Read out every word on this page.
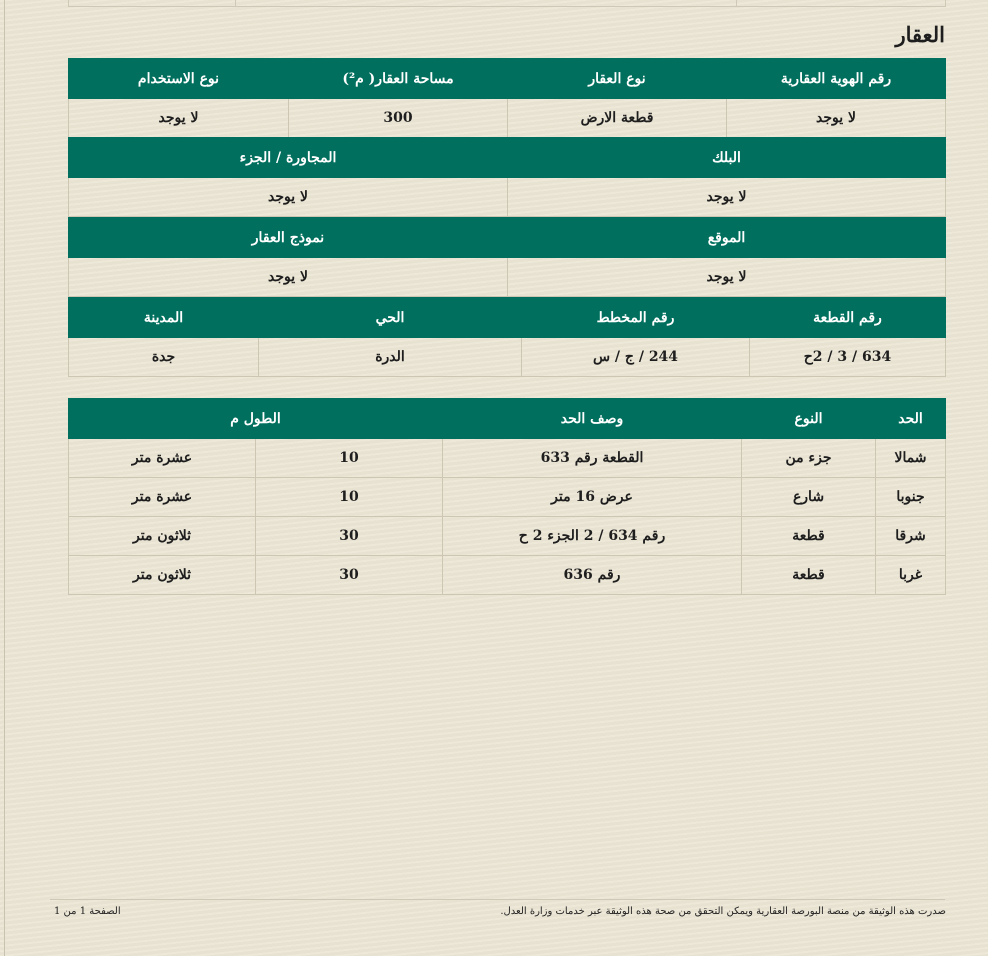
العقار
رقم الهوية العقارية	نوع العقار	مساحة العقار( م²)	نوع الاستخدام
لا يوجد	قطعة الارض	300	لا يوجد
البلك	المجاورة / الجزء
لا يوجد	لا يوجد
الموقع	نموذج العقار
لا يوجد	لا يوجد
رقم القطعة	رقم المخطط	الحي	المدينة
634 / 3 / 2ح	244 / ج / س	الدرة	جدة
الحد	النوع	وصف الحد	الطول م	
شمالا	جزء من	القطعة رقم 633	10	عشرة متر
جنوبا	شارع	عرض 16 متر	10	عشرة متر
شرقا	قطعة	رقم 634 / 2 الجزء 2 ح	30	ثلاثون متر
غربا	قطعة	رقم 636	30	ثلاثون متر
صدرت هذه الوثيقة من منصة البورصة العقارية ويمكن التحقق من صحة هذه الوثيقة عبر خدمات وزارة العدل.
الصفحة 1 من 1
